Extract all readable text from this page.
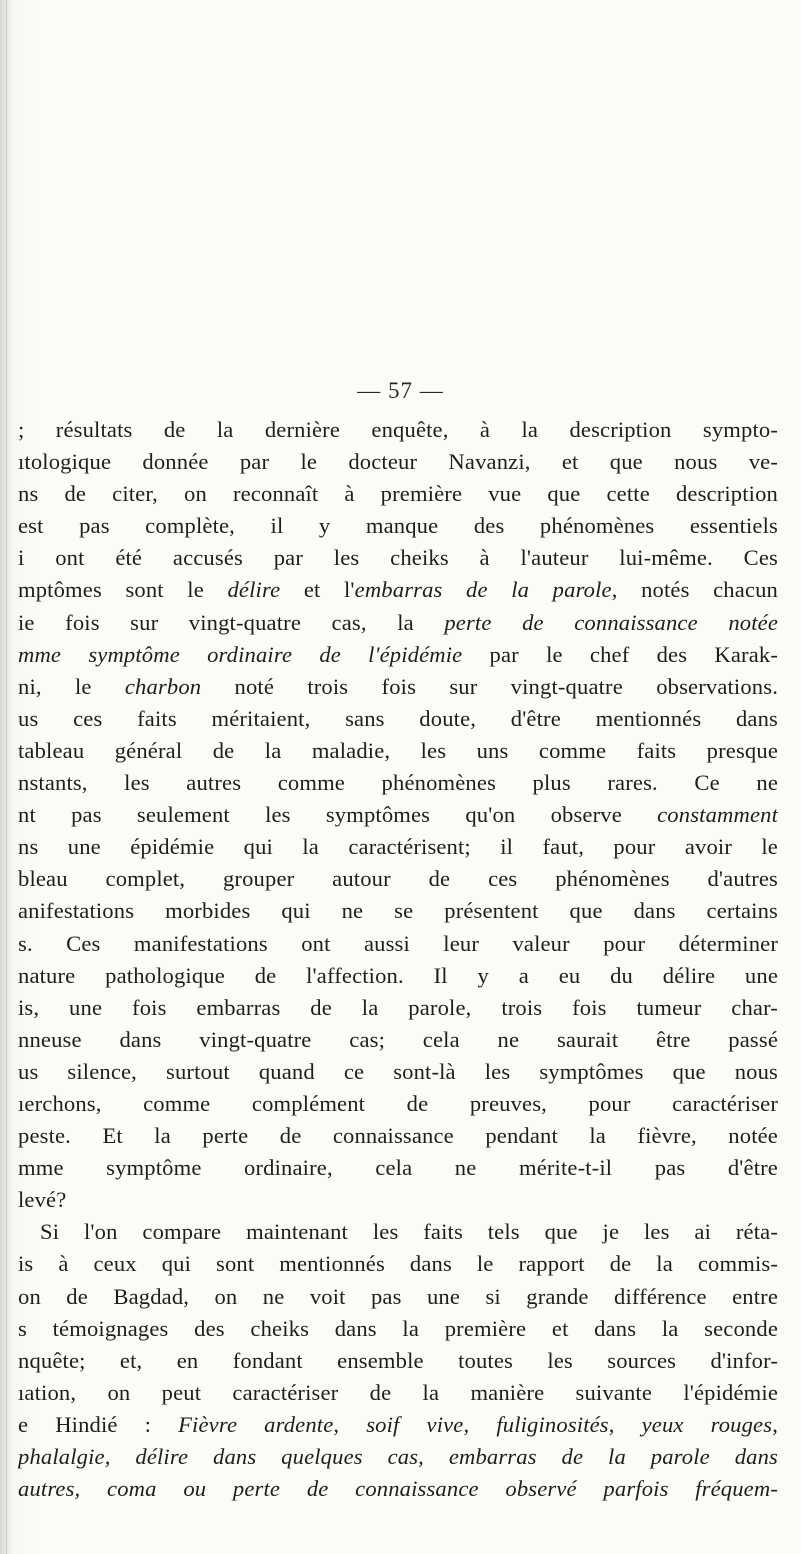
— 57 —
; résultats de la dernière enquête, à la description sympto-
ıtologique donnée par le docteur Navanzi, et que nous ve-
ns de citer, on reconnaît à première vue que cette description
est pas complète, il y manque des phénomènes essentiels
i ont été accusés par les cheiks à l'auteur lui-même. Ces
mptômes sont le délire et l'embarras de la parole, notés chacun
ie fois sur vingt-quatre cas, la perte de connaissance notée
mme symptôme ordinaire de l'épidémie par le chef des Karak-
ni, le charbon noté trois fois sur vingt-quatre observations.
us ces faits méritaient, sans doute, d'être mentionnés dans
tableau général de la maladie, les uns comme faits presque
nstants, les autres comme phénomènes plus rares. Ce ne
nt pas seulement les symptômes qu'on observe constamment
ns une épidémie qui la caractérisent; il faut, pour avoir le
bleau complet, grouper autour de ces phénomènes d'autres
anifestations morbides qui ne se présentent que dans certains
s. Ces manifestations ont aussi leur valeur pour déterminer
nature pathologique de l'affection. Il y a eu du délire une
is, une fois embarras de la parole, trois fois tumeur char-
nneuse dans vingt-quatre cas; cela ne saurait être passé
us silence, surtout quand ce sont-là les symptômes que nous
ıerchons, comme complément de preuves, pour caractériser
peste. Et la perte de connaissance pendant la fièvre, notée
mme symptôme ordinaire, cela ne mérite-t-il pas d'être
levé?
Si l'on compare maintenant les faits tels que je les ai réta-
is à ceux qui sont mentionnés dans le rapport de la commis-
on de Bagdad, on ne voit pas une si grande différence entre
s témoignages des cheiks dans la première et dans la seconde
nquête; et, en fondant ensemble toutes les sources d'infor-
ıation, on peut caractériser de la manière suivante l'épidémie
e Hindié : Fièvre ardente, soif vive, fuliginosités, yeux rouges,
phalalgie, délire dans quelques cas, embarras de la parole dans
autres, coma ou perte de connaissance observé parfois fréquem-
